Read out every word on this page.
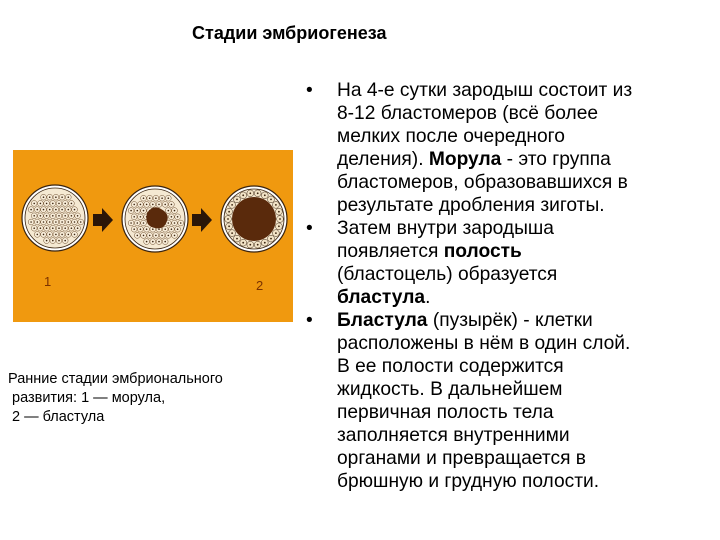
Стадии эмбриогенеза
1	2
Ранние стадии эмбрионального
развития: 1 — морула,
2 — бластула
• На 4-е сутки зародыш состоит из
8-12 бластомеров (всё более
мелких после очередного
деления). Морула - это группа
бластомеров, образовавшихся в
результате дробления зиготы.
• Затем внутри зародыша
появляется полость
(бластоцель) образуется
бластула.
• Бластула (пузырёк) - клетки
расположены в нём в один слой.
В ее полости содержится
жидкость. В дальнейшем
первичная полость тела
заполняется внутренними
органами и превращается в
брюшную и грудную полости.
